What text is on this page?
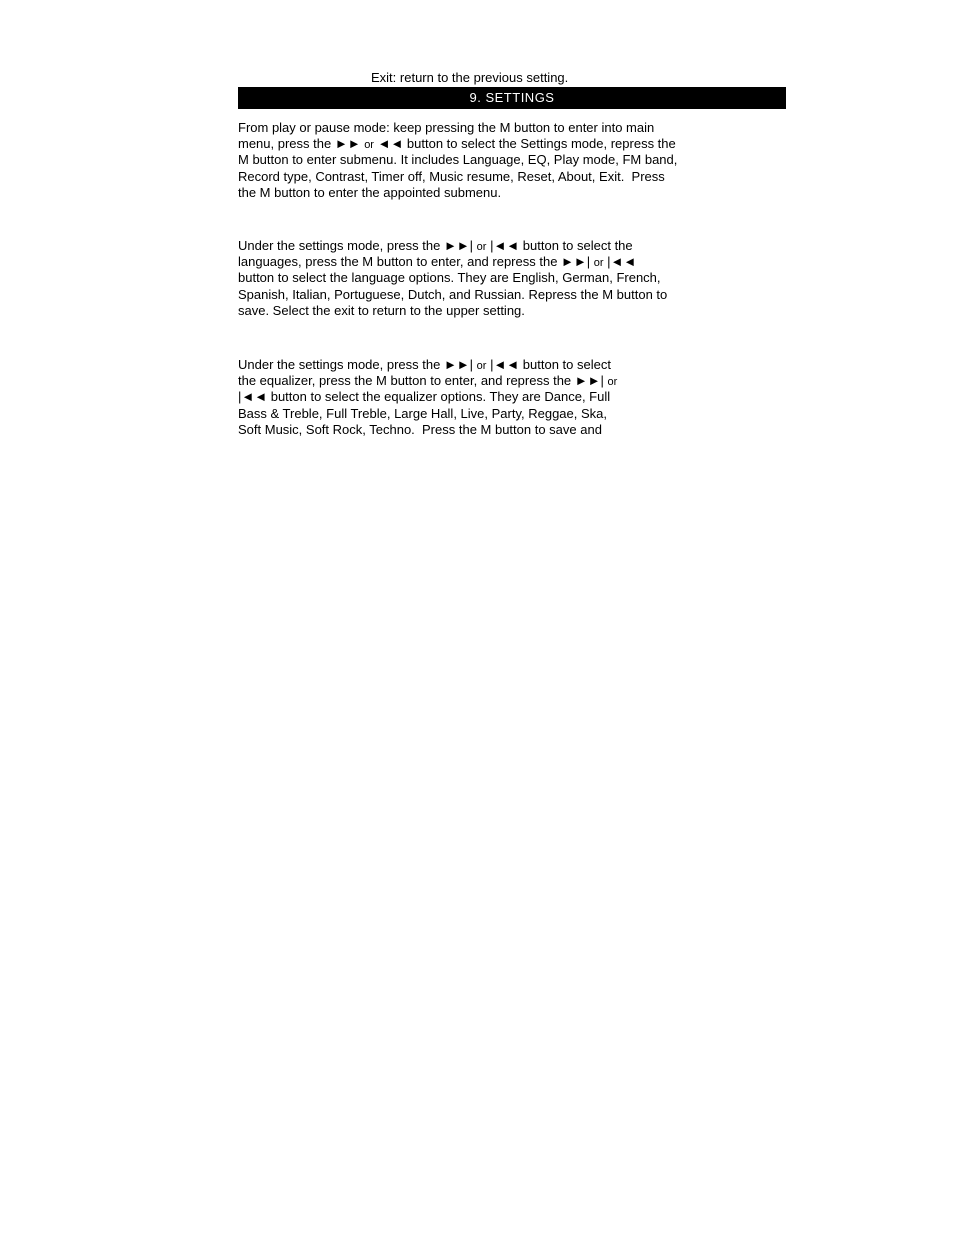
Exit: return to the previous setting.
9. SETTINGS
From play or pause mode: keep pressing the M button to enter into main
menu, press the ►► or ◄◄ button to select the Settings mode, repress the
M button to enter submenu. It includes Language, EQ, Play mode, FM band,
Record type, Contrast, Timer off, Music resume, Reset, About, Exit.  Press
the M button to enter the appointed submenu.
Under the settings mode, press the ►►| or |◄◄ button to select the
languages, press the M button to enter, and repress the ►►| or |◄◄
button to select the language options. They are English, German, French,
Spanish, Italian, Portuguese, Dutch, and Russian. Repress the M button to
save. Select the exit to return to the upper setting.
Under the settings mode, press the ►►| or |◄◄ button to select
the equalizer, press the M button to enter, and repress the ►►| or
|◄◄ button to select the equalizer options. They are Dance, Full
Bass & Treble, Full Treble, Large Hall, Live, Party, Reggae, Ska,
Soft Music, Soft Rock, Techno.  Press the M button to save and
